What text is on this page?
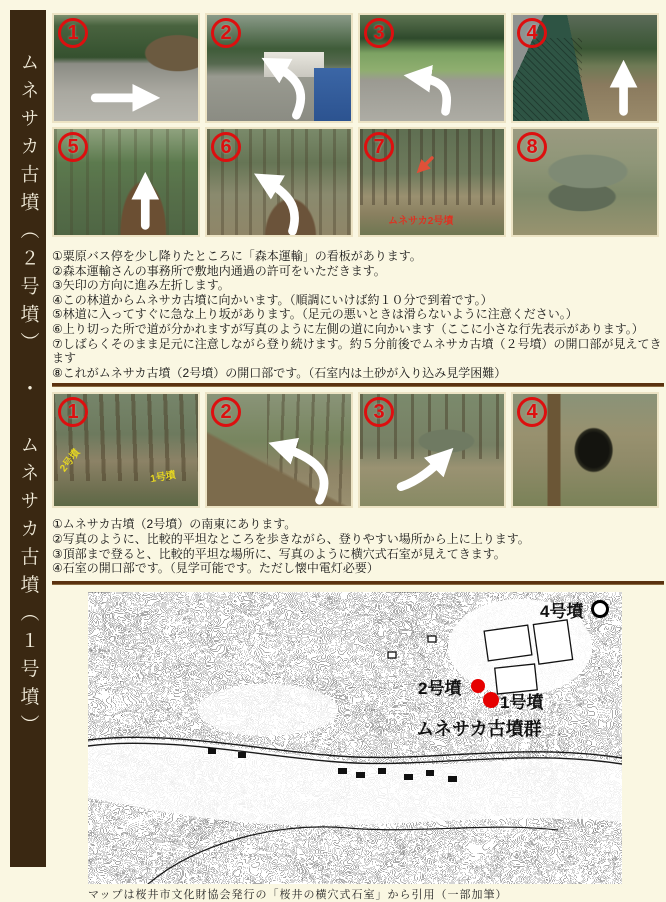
ムネサカ古墳（２号墳）　・　ムネサカ古墳（１号墳）
1	2	3	4
5	6	7
ムネサカ2号墳
8
①粟原バス停を少し降りたところに「森本運輸」の看板があります。
②森本運輸さんの事務所で敷地内通過の許可をいただきます。
③矢印の方向に進み左折します。
④この林道からムネサカ古墳に向かいます。（順調にいけば約１０分で到着です。）
⑤林道に入ってすぐに急な上り坂があります。（足元の悪いときは滑らないように注意ください。）
⑥上り切った所で道が分かれますが写真のように左側の道に向かいます（ここに小さな行先表示があります。）
⑦しばらくそのまま足元に注意しながら登り続けます。約５分前後でムネサカ古墳（２号墳）の開口部が見えてきます
⑧これがムネサカ古墳（2号墳）の開口部です。（石室内は土砂が入り込み見学困難）
1
2号墳
1号墳
2	3	4
①ムネサカ古墳（2号墳）の南東にあります。
②写真のように、比較的平坦なところを歩きながら、登りやすい場所から上に上ります。
③頂部まで登ると、比較的平坦な場所に、写真のように横穴式石室が見えてきます。
④石室の開口部です。（見学可能です。ただし懐中電灯必要）
4号墳
2号墳
1号墳
ムネサカ古墳群
マップは桜井市文化財協会発行の「桜井の横穴式石室」から引用（一部加筆）
